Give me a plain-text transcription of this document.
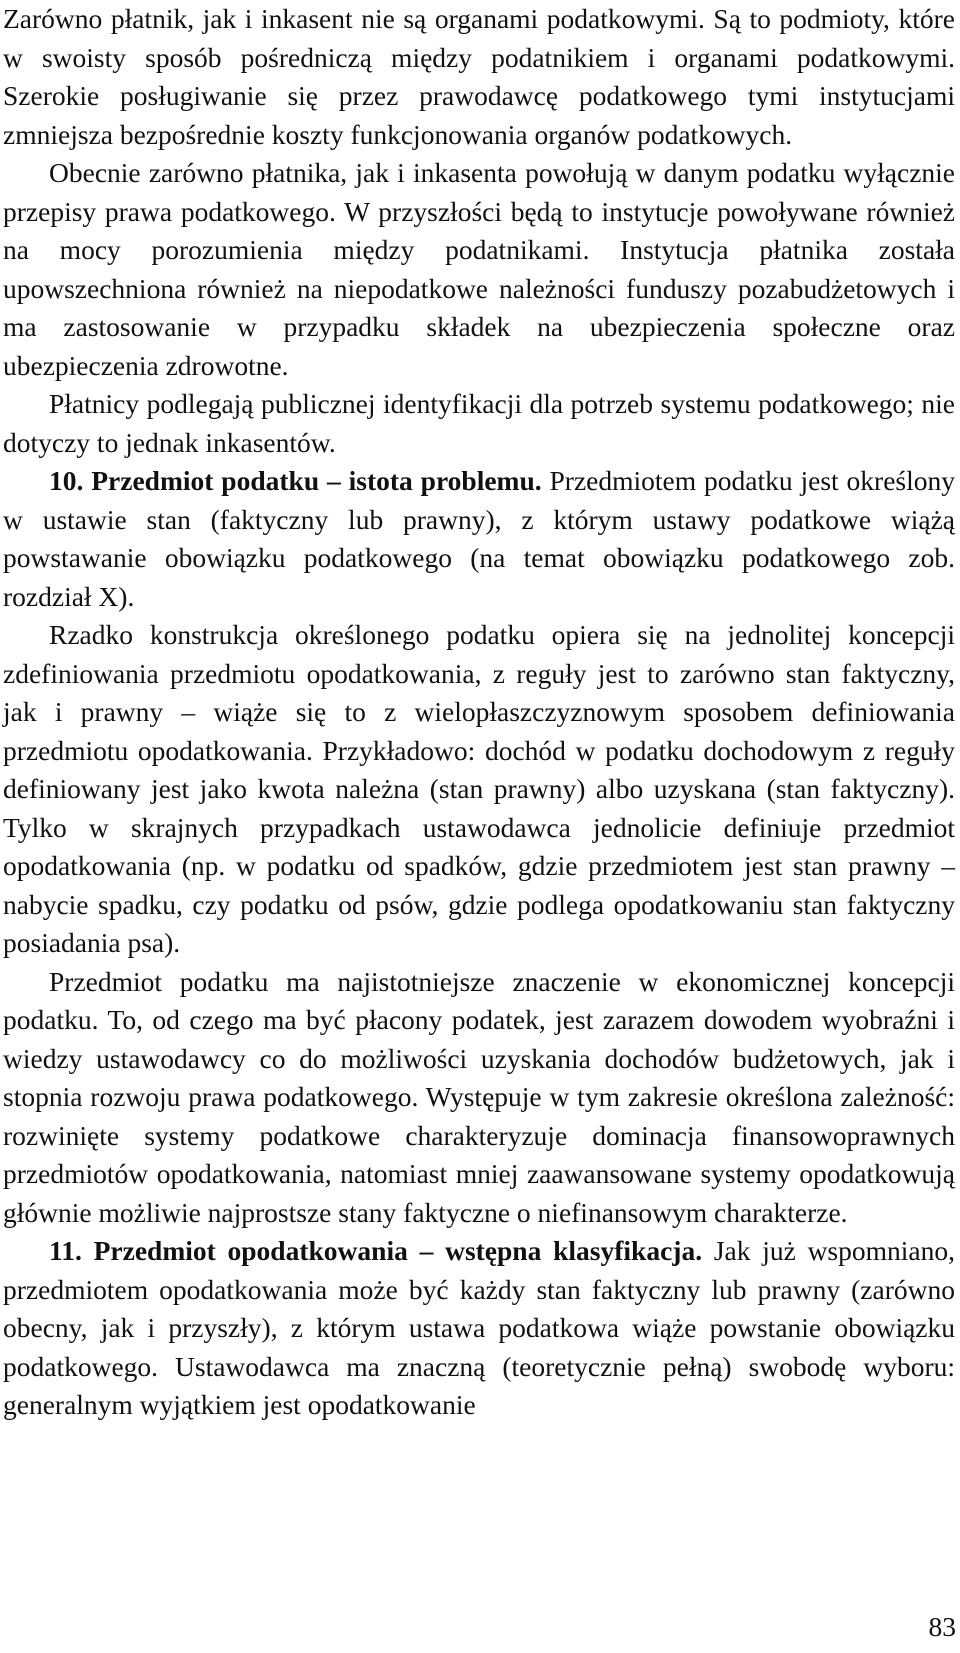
Zarówno płatnik, jak i inkasent nie są organami podatkowymi. Są to podmioty, które w swoisty sposób pośredniczą między podatnikiem i organami podatkowymi. Szerokie posługiwanie się przez prawodawcę podatkowego tymi instytucjami zmniejsza bezpośrednie koszty funkcjonowania organów podatkowych.

Obecnie zarówno płatnika, jak i inkasenta powołują w danym podatku wyłącznie przepisy prawa podatkowego. W przyszłości będą to instytucje powoływane również na mocy porozumienia między podatnikami. Instytucja płatnika została upowszechniona również na niepodatkowe należności funduszy pozabudżetowych i ma zastosowanie w przypadku składek na ubezpieczenia społeczne oraz ubezpieczenia zdrowotne.

Płatnicy podlegają publicznej identyfikacji dla potrzeb systemu podatkowego; nie dotyczy to jednak inkasentów.

10. Przedmiot podatku – istota problemu. Przedmiotem podatku jest określony w ustawie stan (faktyczny lub prawny), z którym ustawy podatkowe wiążą powstawanie obowiązku podatkowego (na temat obowiązku podatkowego zob. rozdział X).

Rzadko konstrukcja określonego podatku opiera się na jednolitej koncepcji zdefiniowania przedmiotu opodatkowania, z reguły jest to zarówno stan faktyczny, jak i prawny – wiąże się to z wielopłaszczyznowym sposobem definiowania przedmiotu opodatkowania. Przykładowo: dochód w podatku dochodowym z reguły definiowany jest jako kwota należna (stan prawny) albo uzyskana (stan faktyczny). Tylko w skrajnych przypadkach ustawodawca jednolicie definiuje przedmiot opodatkowania (np. w podatku od spadków, gdzie przedmiotem jest stan prawny – nabycie spadku, czy podatku od psów, gdzie podlega opodatkowaniu stan faktyczny posiadania psa).

Przedmiot podatku ma najistotniejsze znaczenie w ekonomicznej koncepcji podatku. To, od czego ma być płacony podatek, jest zarazem dowodem wyobraźni i wiedzy ustawodawcy co do możliwości uzyskania dochodów budżetowych, jak i stopnia rozwoju prawa podatkowego. Występuje w tym zakresie określona zależność: rozwinięte systemy podatkowe charakteryzuje dominacja finansowoprawnych przedmiotów opodatkowania, natomiast mniej zaawansowane systemy opodatkowują głównie możliwie najprostsze stany faktyczne o niefinansowym charakterze.

11. Przedmiot opodatkowania – wstępna klasyfikacja. Jak już wspomniano, przedmiotem opodatkowania może być każdy stan faktyczny lub prawny (zarówno obecny, jak i przyszły), z którym ustawa podatkowa wiąże powstanie obowiązku podatkowego. Ustawodawca ma znaczną (teoretycznie pełną) swobodę wyboru: generalnym wyjątkiem jest opodatkowanie

83
